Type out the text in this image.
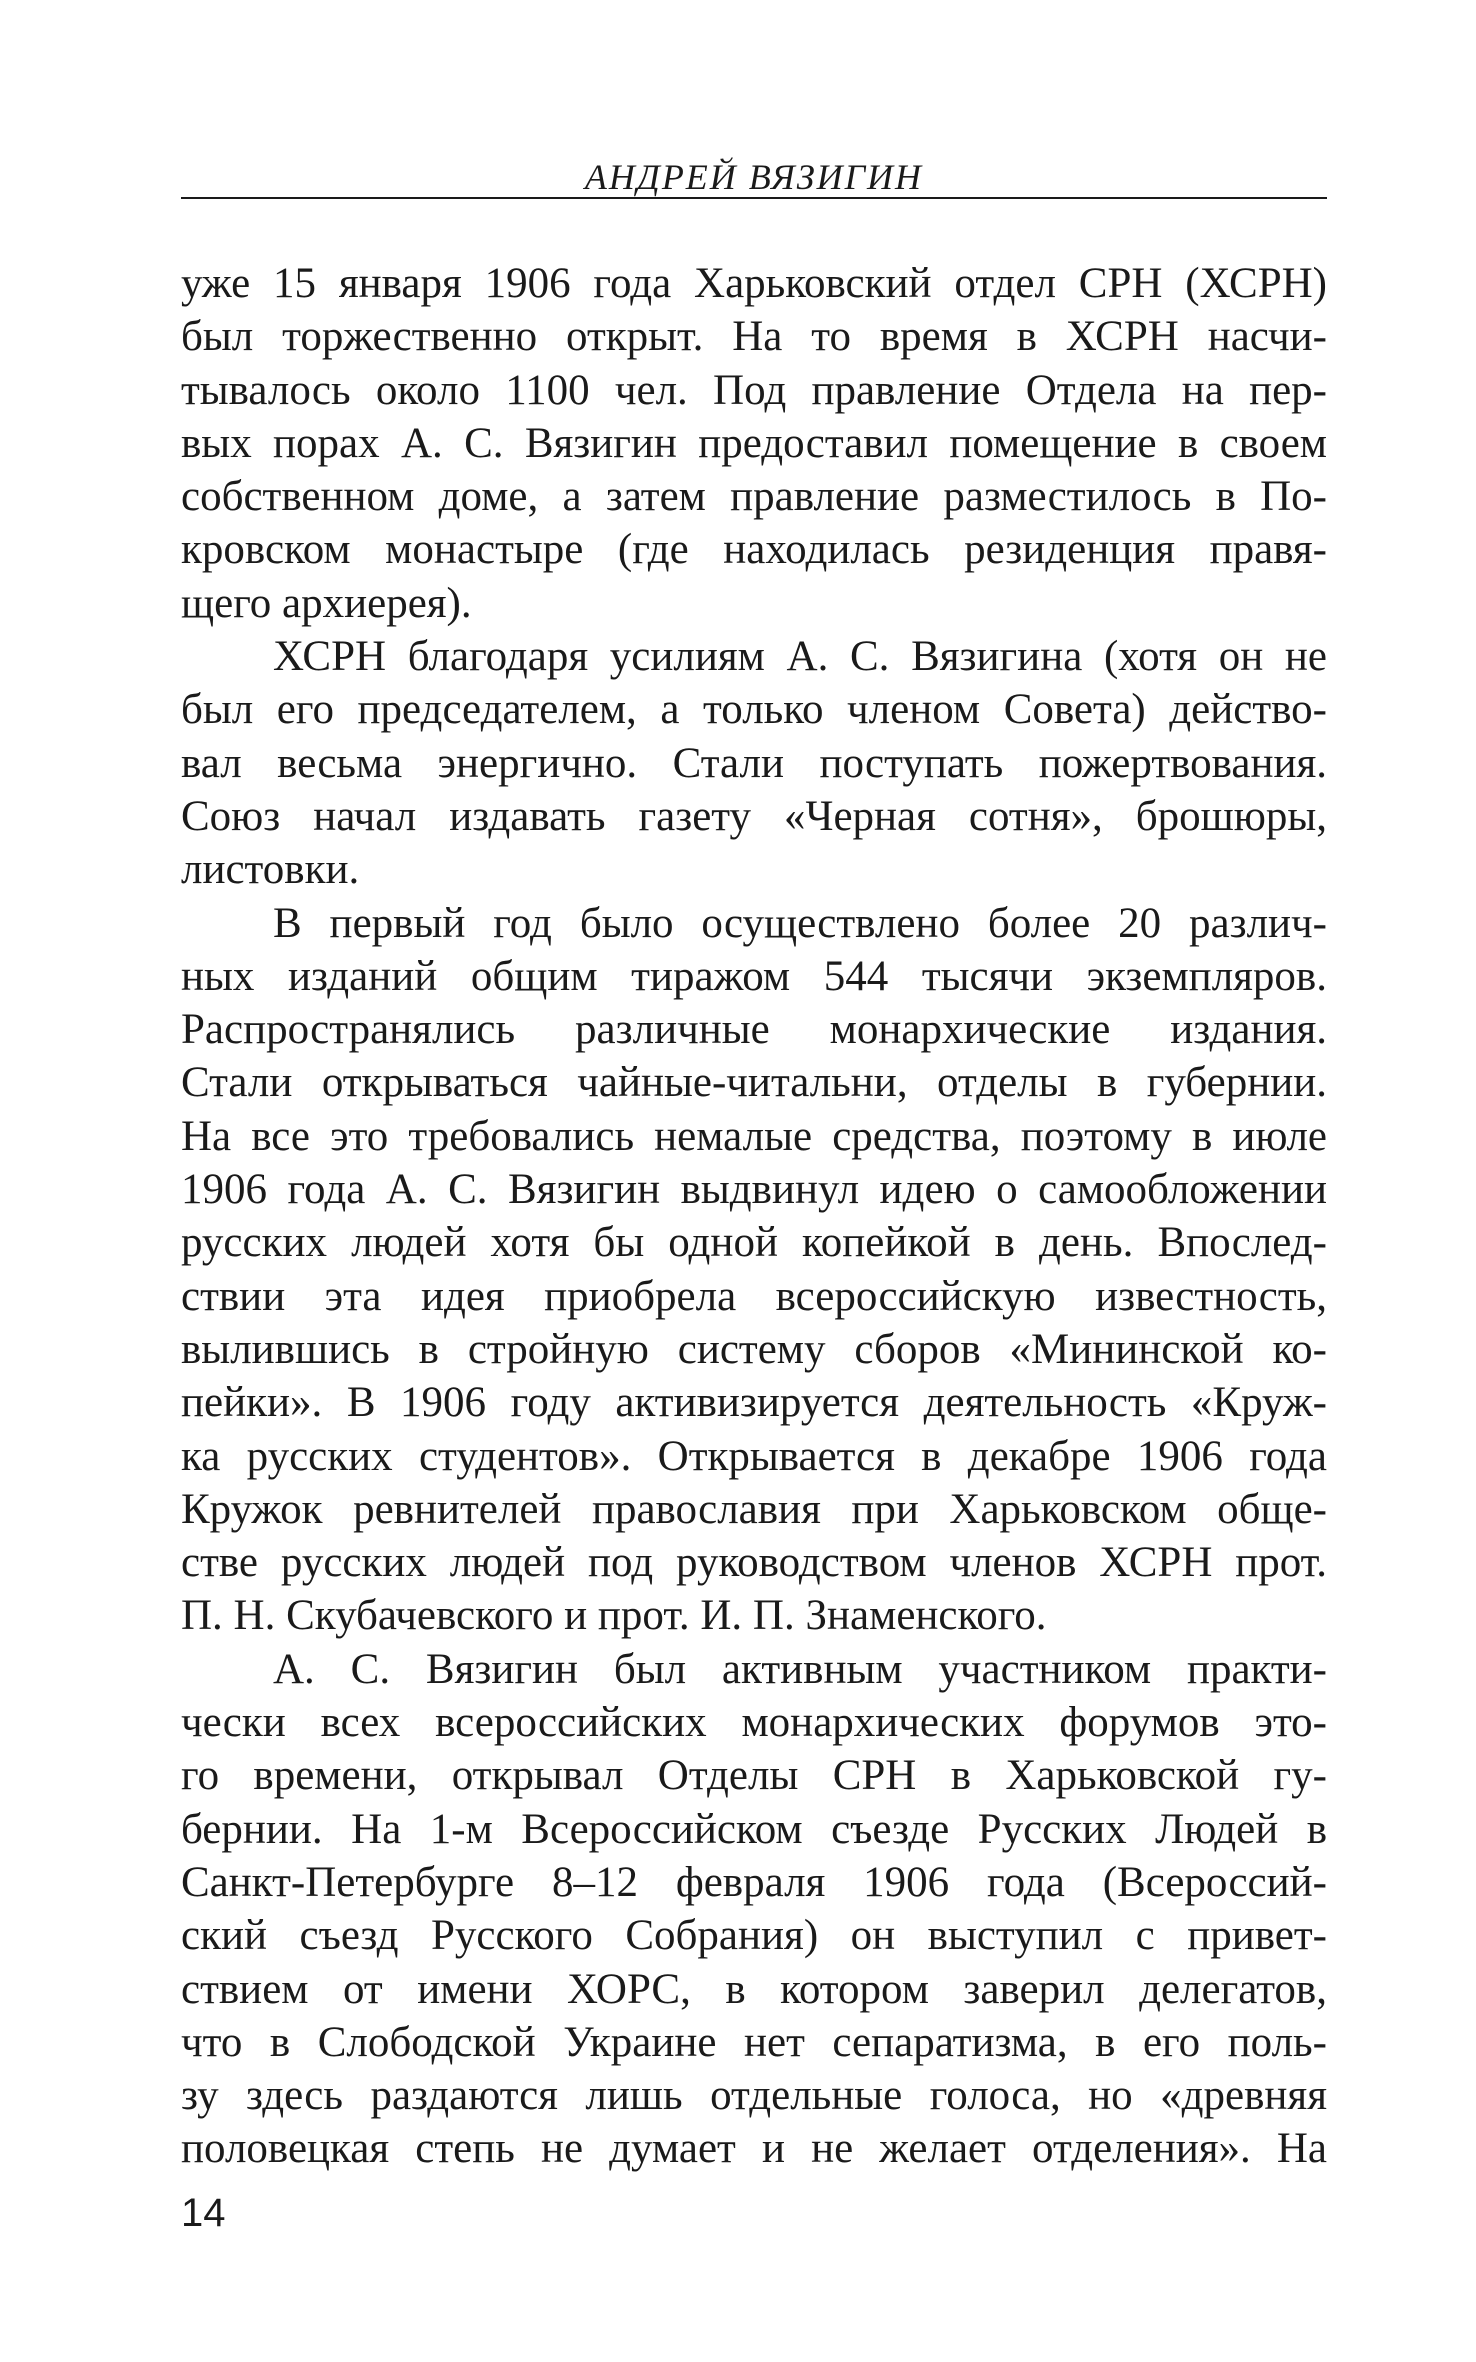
АНДРЕЙ ВЯЗИГИН
уже 15 января 1906 года Харьковский отдел СРН (ХСРН)
был торжественно открыт. На то время в ХСРН насчи-
тывалось около 1100 чел. Под правление Отдела на пер-
вых порах А. С. Вязигин предоставил помещение в своем
собственном доме, а затем правление разместилось в По-
кровском монастыре (где находилась резиденция правя-
щего архиерея).
ХСРН благодаря усилиям А. С. Вязигина (хотя он не
был его председателем, а только членом Совета) действо-
вал весьма энергично. Стали поступать пожертвования.
Союз начал издавать газету «Черная сотня», брошюры,
листовки.
В первый год было осуществлено более 20 различ-
ных изданий общим тиражом 544 тысячи экземпляров.
Распространялись различные монархические издания.
Стали открываться чайные-читальни, отделы в губернии.
На все это требовались немалые средства, поэтому в июле
1906 года А. С. Вязигин выдвинул идею о самообложении
русских людей хотя бы одной копейкой в день. Впослед-
ствии эта идея приобрела всероссийскую известность,
вылившись в стройную систему сборов «Мининской ко-
пейки». В 1906 году активизируется деятельность «Круж-
ка русских студентов». Открывается в декабре 1906 года
Кружок ревнителей православия при Харьковском обще-
стве русских людей под руководством членов ХСРН прот.
П. Н. Скубачевского и прот. И. П. Знаменского.
А. С. Вязигин был активным участником практи-
чески всех всероссийских монархических форумов это-
го времени, открывал Отделы СРН в Харьковской гу-
бернии. На 1-м Всероссийском съезде Русских Людей в
Санкт-Петербурге 8–12 февраля 1906 года (Всероссий-
ский съезд Русского Собрания) он выступил с привет-
ствием от имени ХОРС, в котором заверил делегатов,
что в Слободской Украине нет сепаратизма, в его поль-
зу здесь раздаются лишь отдельные голоса, но «древняя
половецкая степь не думает и не желает отделения». На
14
